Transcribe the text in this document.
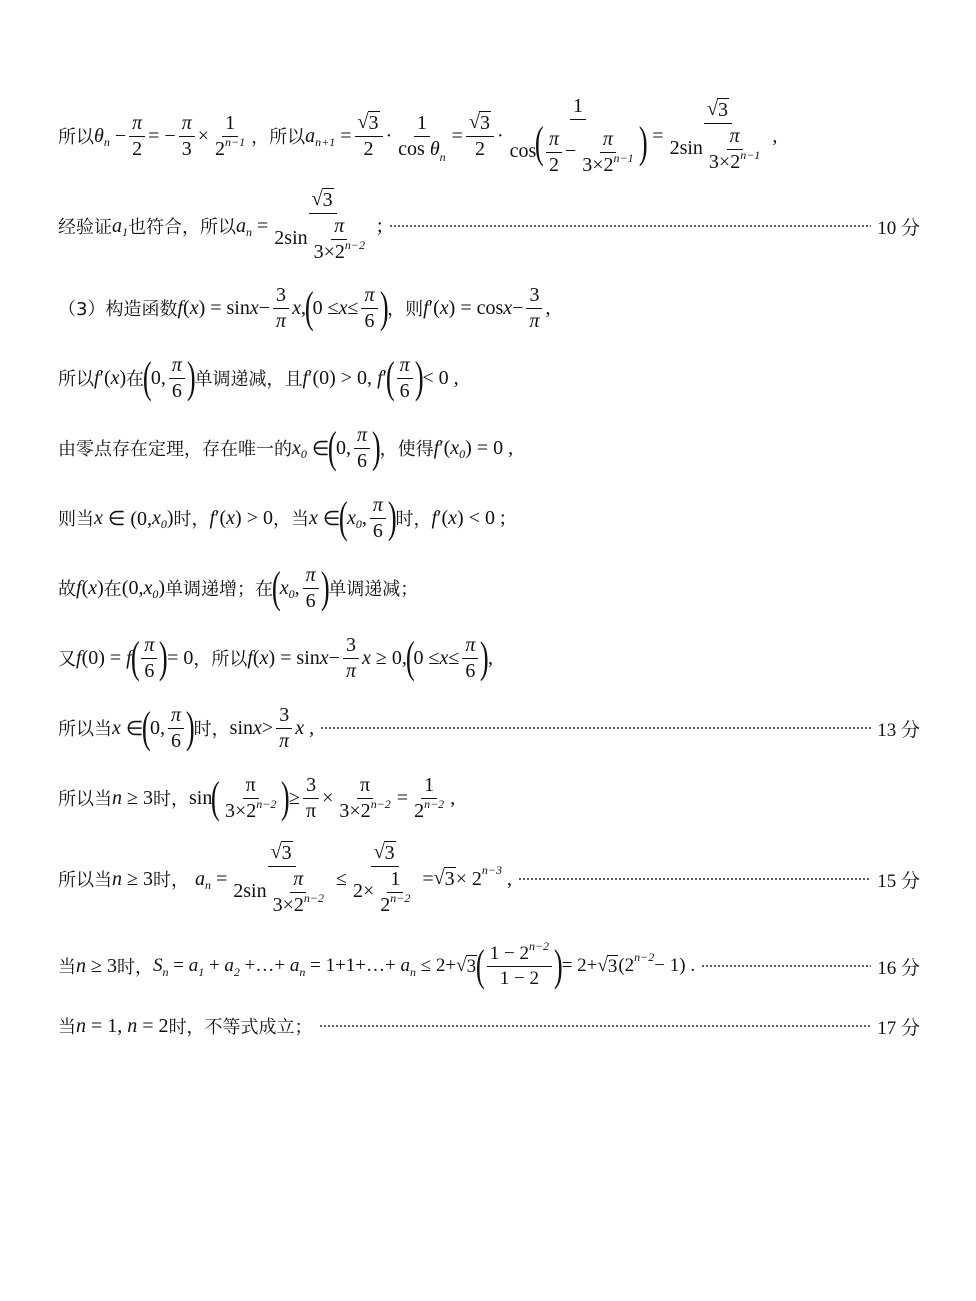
所以 θ $n - \frac{\pi}{2}$ = − $\frac{\pi}{3} \times \frac{1}{2^{n-1}}$ ，所以 a $n+1 = \frac{√ 3}{2} \cdot \frac{1}{\cos \theta_n} = \frac{√ 3}{2} \cdot \frac{1}{\cos( \frac{\pi}{2} - \frac{\pi}{3\times 2^{n-1}} )} = \frac{√ 3}{2\sin \frac{\pi}{3\times 2^{n-1}}}$ ,
经验证 a 1 也符合，所以 a $n = \frac{√ 3}{2\sin \frac{\pi}{3\times 2^{n-2}}}$ ;	10 分
（3）构造函数 f ( x ) = $\sin x - \frac{3}{\pi}$ x ,
(
$0 \le x \le \frac{\pi}{6}$ )
，则 f ′( x ) = $\cos x - \frac{3}{\pi}$ ,
所以 f ′( x ) 在
(
0, $\frac{\pi}{6}$ )
单调递减，且 f ′(0) > 0, f ′
( $\frac{\pi}{6}$ )
< 0 ,
由零点存在定理，存在唯一的 x 0 ∈
(
0, $\frac{\pi}{6}$ )
，使得 f ′( x 0 ) = 0 ,
则当 x ∈ (0, x 0 ) 时， f ′( x ) > 0 ，当 x ∈
(
x 0 , $\frac{\pi}{6}$ )
时， f ′( x ) < 0 ;
故 f ( x ) 在 (0, x 0 ) 单调递增；在
(
x 0 , $\frac{\pi}{6}$ )
单调递减；
又 f (0) = f
( $\frac{\pi}{6}$ )
= 0 ，所以 f ( x ) = $\sin x - \frac{3}{\pi}$ x ≥ 0,
(
$0 \le x \le \frac{\pi}{6}$ )
,
所以当 x ∈
(
0, $\frac{\pi}{6}$ )
时， $\sin x > \frac{3}{\pi}$ x ,	13 分
所以当 n ≥ 3 时， sin
( $\frac{\pi}{3\times 2^{n-2}}$ )
≥ $\frac{3}{\pi} \times \frac{\pi}{3\times 2^{n-2}} = \frac{1}{2^{n-2}}$ ,
所以当 n ≥ 3 时， a $n = \frac{√ 3}{2\sin \frac{\pi}{3\times 2^{n-2}}} \le \frac{√ 3}{2\times \frac{1}{2^{n-2}}}$ = √ 3 × 2 n−3 ,	15 分
当 n ≥ 3 时， S n = a 1 + a 2 +…+ a n = 1+1+…+ a n ≤ 2+ √ 3 ( $\frac{1 - 2^{n-2}}{1 - 2}$ )
= 2+ √ 3 (2 n−2 − 1) .	16 分
当 n = 1, n = 2 时，不等式成立；	17 分
